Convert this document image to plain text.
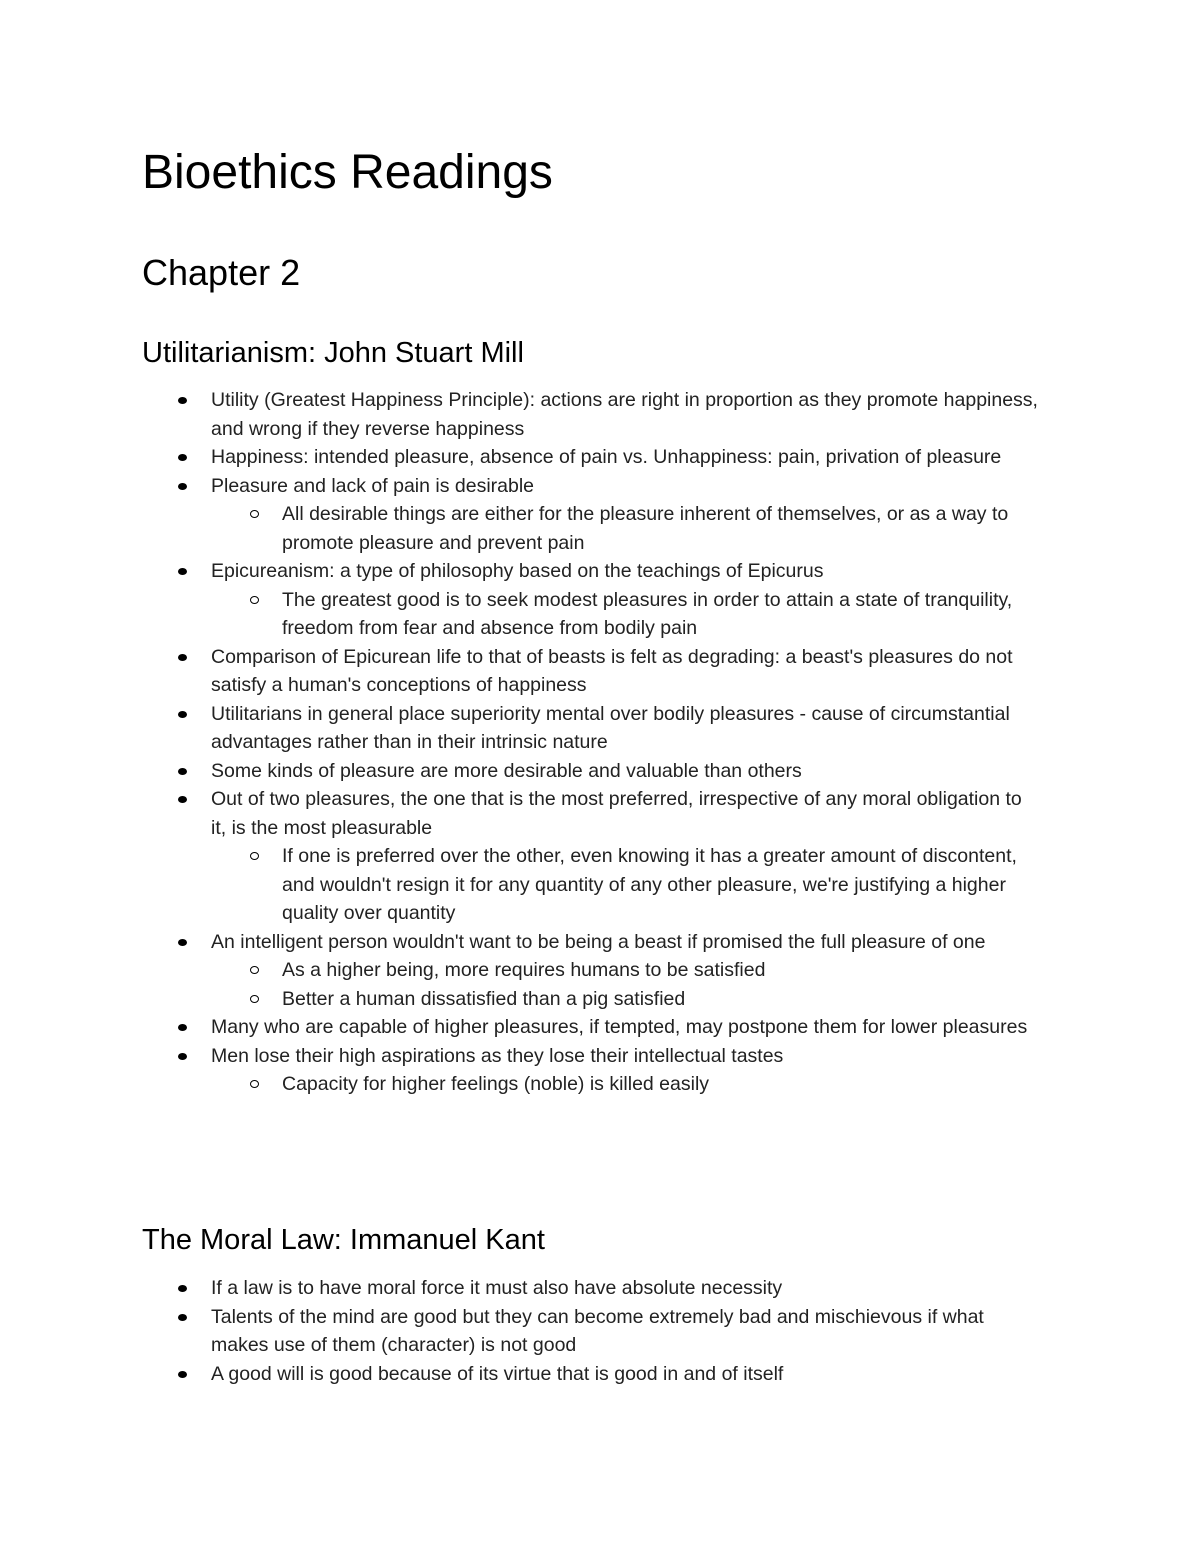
Bioethics Readings
Chapter 2
Utilitarianism: John Stuart Mill
Utility (Greatest Happiness Principle): actions are right in proportion as they promote happiness, and wrong if they reverse happiness
Happiness: intended pleasure, absence of pain vs. Unhappiness: pain, privation of pleasure
Pleasure and lack of pain is desirable
All desirable things are either for the pleasure inherent of themselves, or as a way to promote pleasure and prevent pain
Epicureanism: a type of philosophy based on the teachings of Epicurus
The greatest good is to seek modest pleasures in order to attain a state of tranquility, freedom from fear and absence from bodily pain
Comparison of Epicurean life to that of beasts is felt as degrading: a beast's pleasures do not satisfy a human's conceptions of happiness
Utilitarians in general place superiority mental over bodily pleasures - cause of circumstantial advantages rather than in their intrinsic nature
Some kinds of pleasure are more desirable and valuable than others
Out of two pleasures, the one that is the most preferred, irrespective of any moral obligation to it, is the most pleasurable
If one is preferred over the other, even knowing it has a greater amount of discontent, and wouldn't resign it for any quantity of any other pleasure, we're justifying a higher quality over quantity
An intelligent person wouldn't want to be being a beast if promised the full pleasure of one
As a higher being, more requires humans to be satisfied
Better a human dissatisfied than a pig satisfied
Many who are capable of higher pleasures, if tempted, may postpone them for lower pleasures
Men lose their high aspirations as they lose their intellectual tastes
Capacity for higher feelings (noble) is killed easily
The Moral Law: Immanuel Kant
If a law is to have moral force it must also have absolute necessity
Talents of the mind are good but they can become extremely bad and mischievous if what makes use of them (character) is not good
A good will is good because of its virtue that is good in and of itself
